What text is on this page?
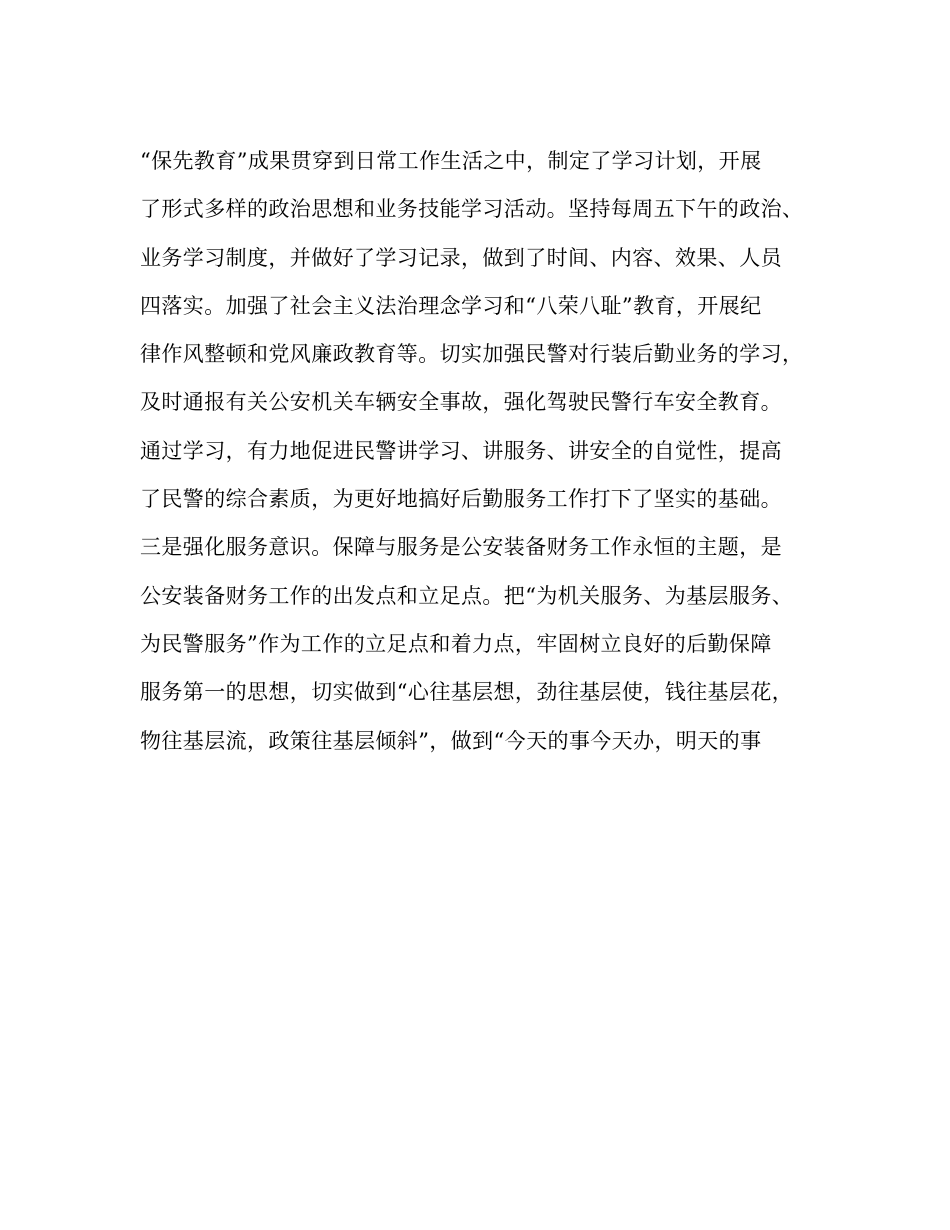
“保先教育”成果贯穿到日常工作生活之中，制定了学习计划，开展
了形式多样的政治思想和业务技能学习活动。坚持每周五下午的政治、
业务学习制度，并做好了学习记录，做到了时间、内容、效果、人员
四落实。加强了社会主义法治理念学习和“八荣八耻”教育，开展纪
律作风整顿和党风廉政教育等。切实加强民警对行装后勤业务的学习，
及时通报有关公安机关车辆安全事故，强化驾驶民警行车安全教育。
通过学习，有力地促进民警讲学习、讲服务、讲安全的自觉性，提高
了民警的综合素质，为更好地搞好后勤服务工作打下了坚实的基础。
三是强化服务意识。保障与服务是公安装备财务工作永恒的主题，是
公安装备财务工作的出发点和立足点。把“为机关服务、为基层服务、
为民警服务”作为工作的立足点和着力点，牢固树立良好的后勤保障
服务第一的思想，切实做到“心往基层想，劲往基层使，钱往基层花，
物往基层流，政策往基层倾斜”，做到“今天的事今天办，明天的事
